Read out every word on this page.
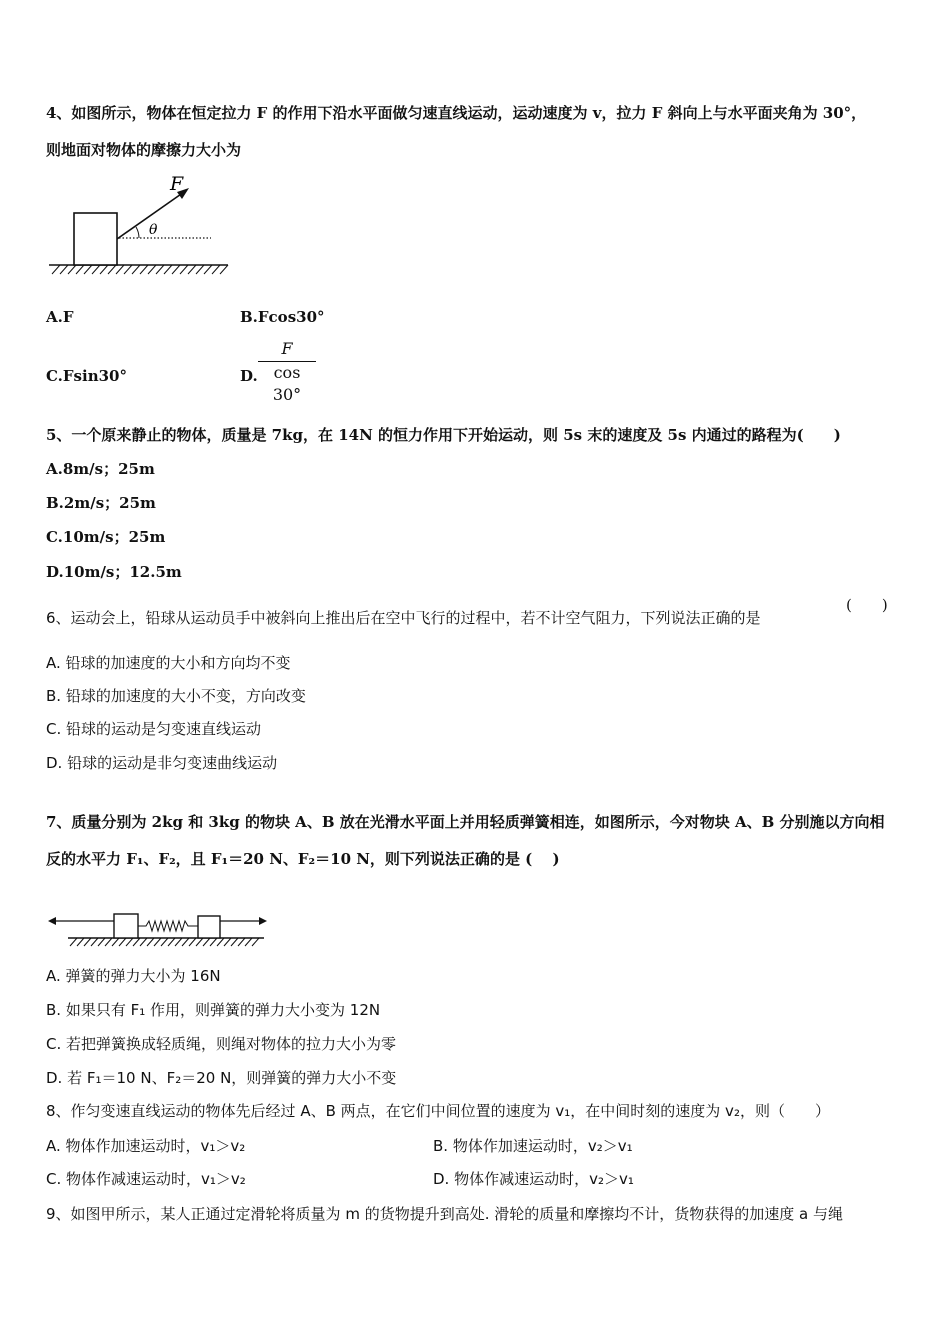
4、如图所示，物体在恒定拉力 F 的作用下沿水平面做匀速直线运动，运动速度为 v，拉力 F 斜向上与水平面夹角为 30°，
则地面对物体的摩擦力大小为
F
θ
A.F	B.Fcos30°
C.Fsin30°	D.
F
cos 30°
5、一个原来静止的物体，质量是 7kg，在 14N 的恒力作用下开始运动，则 5s 末的速度及 5s 内通过的路程为(　　)
A.8m/s；25m
B.2m/s；25m
C.10m/s；25m
D.10m/s；12.5m
6、运动会上，铅球从运动员手中被斜向上推出后在空中飞行的过程中，若不计空气阻力，下列说法正确的是
(　　)
A. 铅球的加速度的大小和方向均不变
B. 铅球的加速度的大小不变，方向改变
C. 铅球的运动是匀变速直线运动
D. 铅球的运动是非匀变速曲线运动
7、质量分别为 2kg 和 3kg 的物块 A、B 放在光滑水平面上并用轻质弹簧相连，如图所示，今对物块 A、B 分别施以方向相
反的水平力 F₁、F₂，且 F₁＝20 N、F₂＝10 N，则下列说法正确的是 (　 )
A. 弹簧的弹力大小为 16N
B. 如果只有 F₁ 作用，则弹簧的弹力大小变为 12N
C. 若把弹簧换成轻质绳，则绳对物体的拉力大小为零
D. 若 F₁＝10 N、F₂＝20 N，则弹簧的弹力大小不变
8、作匀变速直线运动的物体先后经过 A、B 两点，在它们中间位置的速度为 v₁，在中间时刻的速度为 v₂，则（　　）
A. 物体作加速运动时，v₁＞v₂	B. 物体作加速运动时，v₂＞v₁
C. 物体作减速运动时，v₁＞v₂	D. 物体作减速运动时，v₂＞v₁
9、如图甲所示，某人正通过定滑轮将质量为 m 的货物提升到高处. 滑轮的质量和摩擦均不计，货物获得的加速度 a 与绳
